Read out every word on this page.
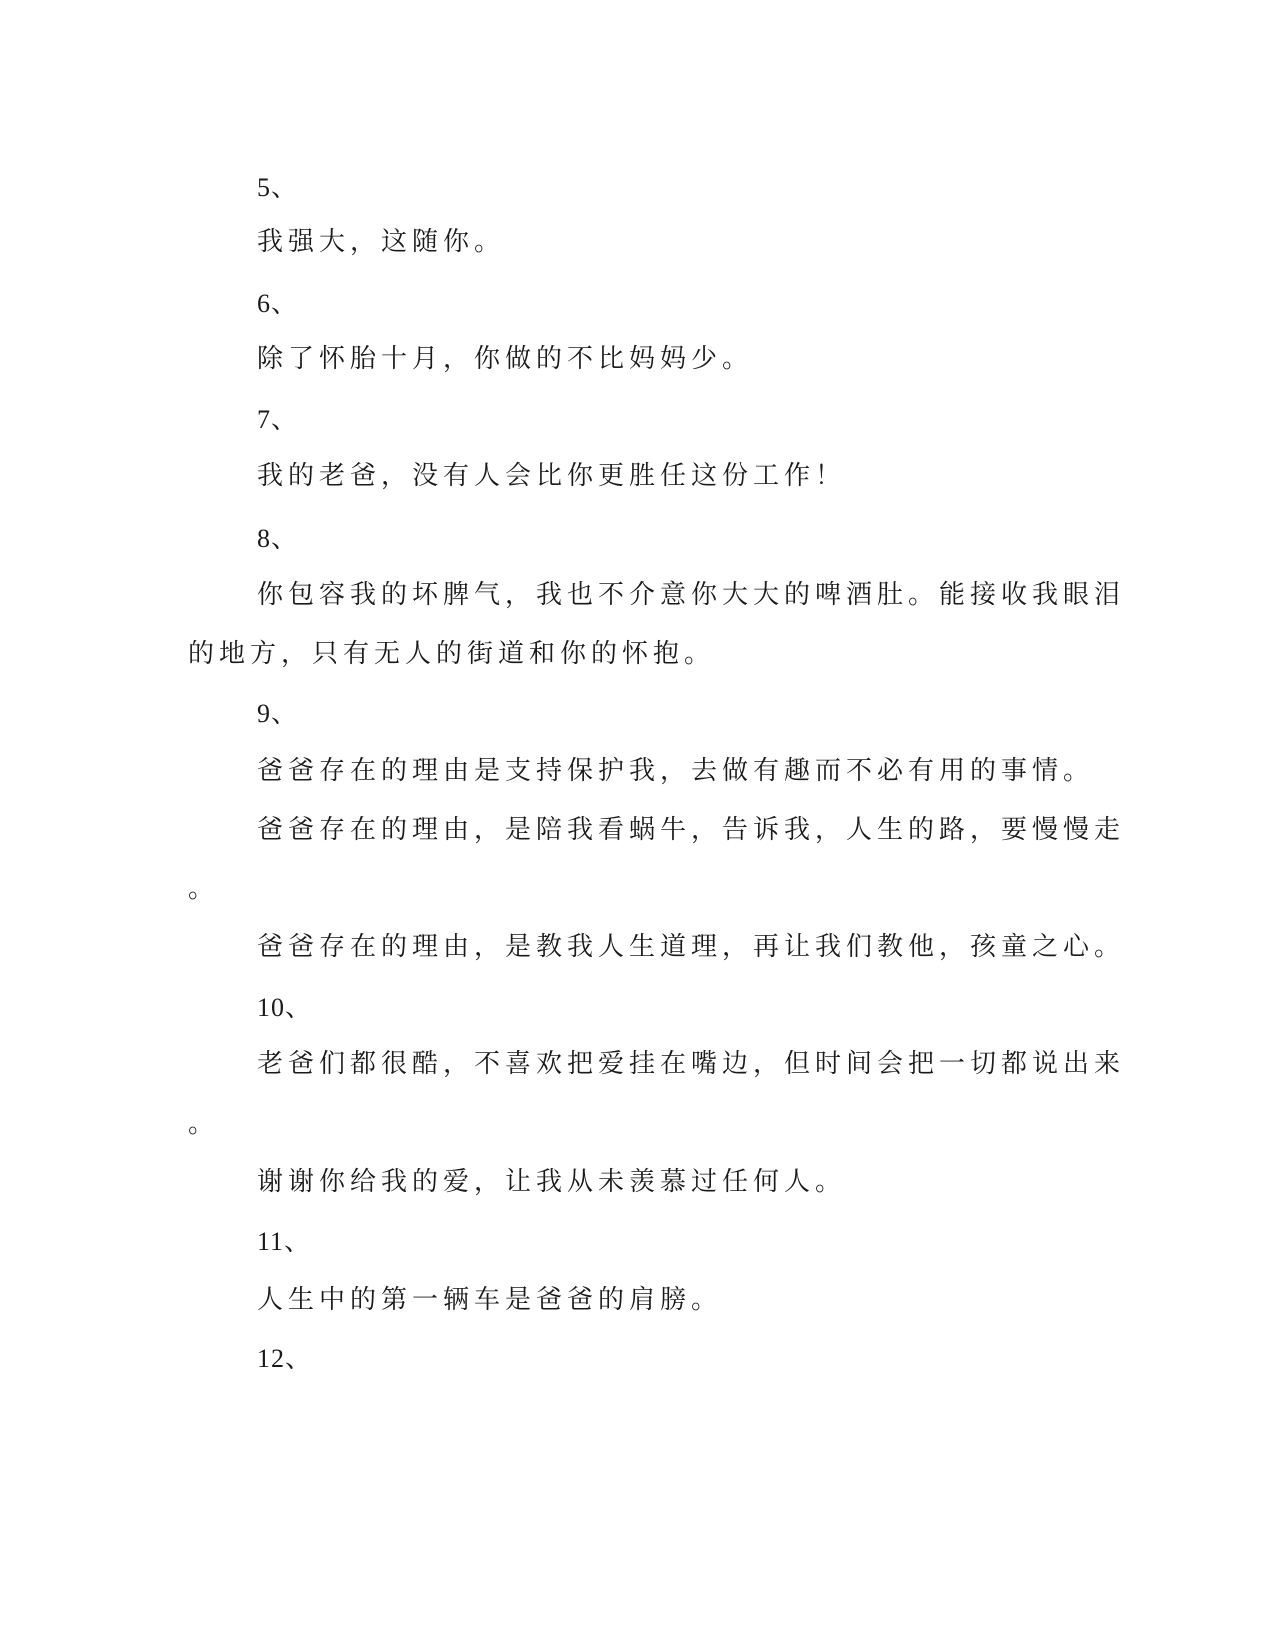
5、

我强大，这随你。

6、

除了怀胎十月，你做的不比妈妈少。

7、

我的老爸，没有人会比你更胜任这份工作！

8、

你包容我的坏脾气，我也不介意你大大的啤酒肚。能接收我眼泪

的地方，只有无人的街道和你的怀抱。

9、

爸爸存在的理由是支持保护我，去做有趣而不必有用的事情。

爸爸存在的理由，是陪我看蜗牛，告诉我，人生的路，要慢慢走

。

爸爸存在的理由，是教我人生道理，再让我们教他，孩童之心。

10、

老爸们都很酷，不喜欢把爱挂在嘴边，但时间会把一切都说出来

。

谢谢你给我的爱，让我从未羡慕过任何人。

11、

人生中的第一辆车是爸爸的肩膀。

12、
